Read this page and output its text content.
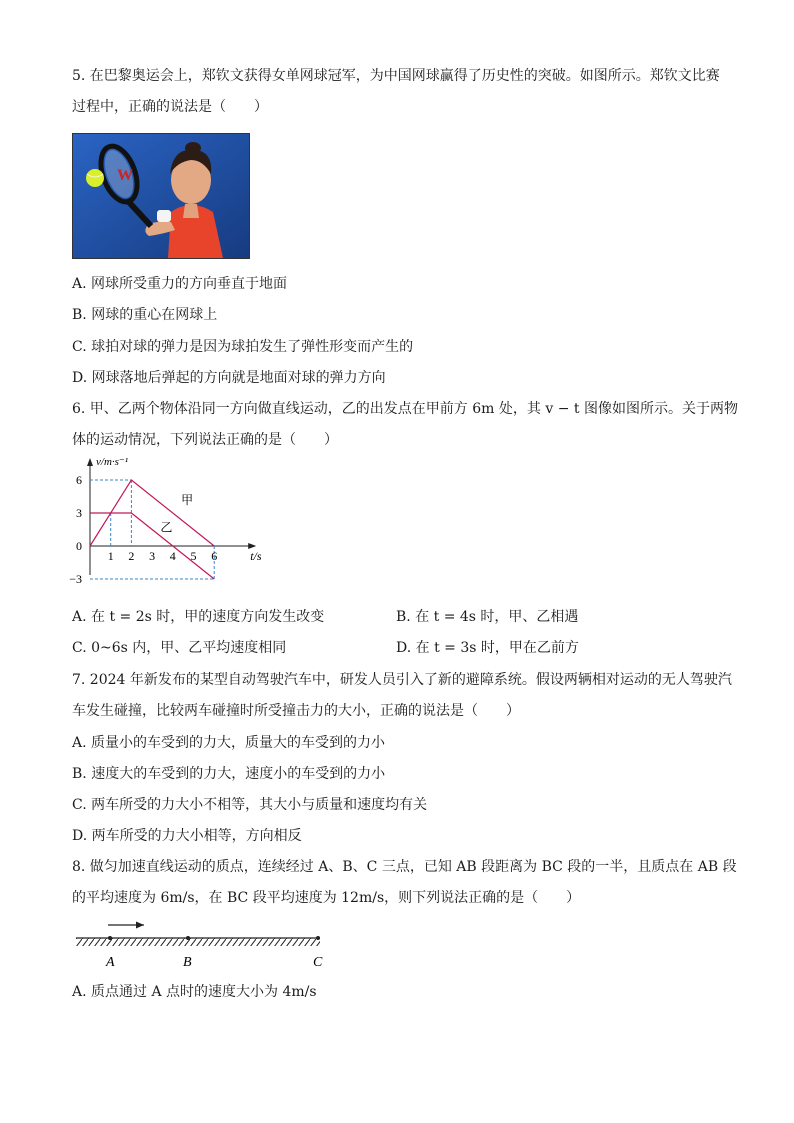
5. 在巴黎奥运会上，郑钦文获得女单网球冠军，为中国网球赢得了历史性的突破。如图所示。郑钦文比赛
过程中，正确的说法是（　　）
W
A. 网球所受重力的方向垂直于地面
B. 网球的重心在网球上
C. 球拍对球的弹力是因为球拍发生了弹性形变而产生的
D. 网球落地后弹起的方向就是地面对球的弹力方向
6. 甲、乙两个物体沿同一方向做直线运动，乙的出发点在甲前方 6m 处，其 v − t 图像如图所示。关于两物
体的运动情况，下列说法正确的是（　　）
甲
乙
1 2 3 4 5 6
6
3
0
−3
v/m·s⁻¹
t/s
A. 在 t = 2s 时，甲的速度方向发生改变	B. 在 t = 4s 时，甲、乙相遇
C. 0~6s 内，甲、乙平均速度相同	D. 在 t = 3s 时，甲在乙前方
7. 2024 年新发布的某型自动驾驶汽车中，研发人员引入了新的避障系统。假设两辆相对运动的无人驾驶汽
车发生碰撞，比较两车碰撞时所受撞击力的大小，正确的说法是（　　）
A. 质量小的车受到的力大，质量大的车受到的力小
B. 速度大的车受到的力大，速度小的车受到的力小
C. 两车所受的力大小不相等，其大小与质量和速度均有关
D. 两车所受的力大小相等，方向相反
8. 做匀加速直线运动的质点，连续经过 A、B、C 三点，已知 AB 段距离为 BC 段的一半，且质点在 AB 段
的平均速度为 6m/s，在 BC 段平均速度为 12m/s，则下列说法正确的是（　　）
A	B	C
A. 质点通过 A 点时的速度大小为 4m/s
